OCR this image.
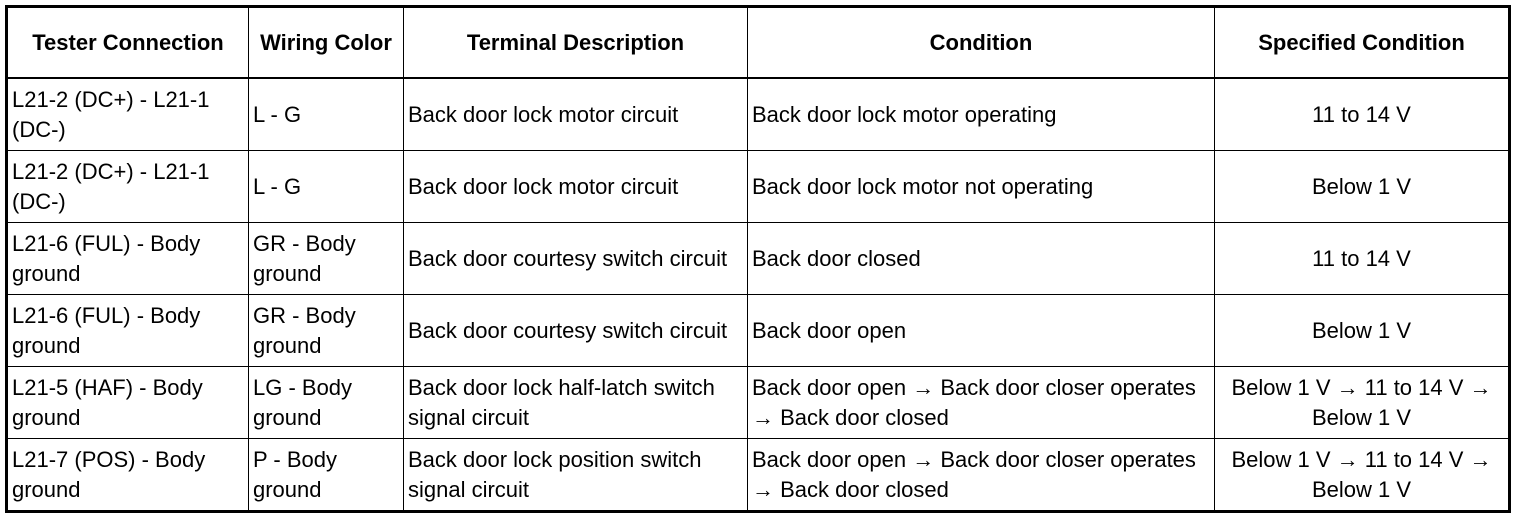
Tester Connection	Wiring Color	Terminal Description	Condition	Specified Condition
L21-2 (DC+) - L21-1 (DC-)	L - G	Back door lock motor circuit	Back door lock motor operating	11 to 14 V
L21-2 (DC+) - L21-1 (DC-)	L - G	Back door lock motor circuit	Back door lock motor not operating	Below 1 V
L21-6 (FUL) - Body ground	GR - Body ground	Back door courtesy switch circuit	Back door closed	11 to 14 V
L21-6 (FUL) - Body ground	GR - Body ground	Back door courtesy switch circuit	Back door open	Below 1 V
L21-5 (HAF) - Body ground	LG - Body ground	Back door lock half-latch switch signal circuit	Back door open → Back door closer operates → Back door closed	Below 1 V → 11 to 14 V → Below 1 V
L21-7 (POS) - Body ground	P - Body ground	Back door lock position switch signal circuit	Back door open → Back door closer operates → Back door closed	Below 1 V → 11 to 14 V → Below 1 V
